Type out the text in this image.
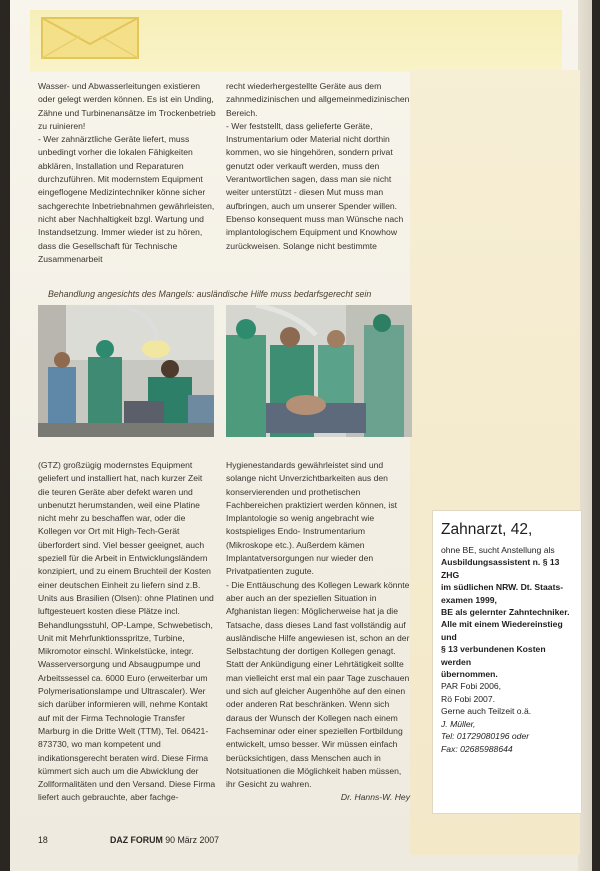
Wasser- und Abwasserleitungen existieren oder gelegt werden können. Es ist ein Unding, Zähne und Turbinenansätze im Trockenbetrieb zu ruinieren!

- Wer zahnärztliche Geräte liefert, muss unbedingt vorher die lokalen Fähigkeiten abklären, Installation und Reparaturen durchzuführen. Mit modernstem Equipment eingeflogene Medizintechniker könne sicher sachgerechte Inbetriebnahmen gewährleisten, nicht aber Nachhaltigkeit bzgl. Wartung und Instandsetzung. Immer wieder ist zu hören, dass die Gesellschaft für Technische Zusammenarbeit

recht wiederhergestellte Geräte aus dem zahnmedizinischen und allgemeinmedizinischen Bereich.

- Wer feststellt, dass gelieferte Geräte, Instrumentarium oder Material nicht dorthin kommen, wo sie hingehören, sondern privat genutzt oder verkauft werden, muss den Verantwortlichen sagen, dass man sie nicht weiter unterstützt - diesen Mut muss man aufbringen, auch um unserer Spender willen. Ebenso konsequent muss man Wünsche nach implantologischem Equipment und Knowhow zurückweisen. Solange nicht bestimmte

Behandlung angesichts des Mangels: ausländische Hilfe muss bedarfsgerecht sein

(GTZ) großzügig modernstes Equipment geliefert und installiert hat, nach kurzer Zeit die teuren Geräte aber defekt waren und unbenutzt herumstanden, weil eine Platine nicht mehr zu beschaffen war, oder die Kollegen vor Ort mit High-Tech-Gerät überfordert sind. Viel besser geeignet, auch speziell für die Arbeit in Entwicklungsländern konzipiert, und zu einem Bruchteil der Kosten einer deutschen Einheit zu liefern sind z.B. Units aus Brasilien (Olsen): ohne Platinen und luftgesteuert kosten diese Plätze incl. Behandlungsstuhl, OP-Lampe, Schwebetisch, Unit mit Mehrfunktionsspritze, Turbine, Mikromotor einschl. Winkelstücke, integr. Wasserversorgung und Absaugpumpe und Arbeitssessel ca. 6000 Euro (erweiterbar um Polymerisationslampe und Ultrascaler). Wer sich darüber informieren will, nehme Kontakt auf mit der Firma Technologie Transfer Marburg in die Dritte Welt (TTM), Tel. 06421-873730, wo man kompetent und indikationsgerecht beraten wird. Diese Firma kümmert sich auch um die Abwicklung der Zollformalitäten und den Versand. Diese Firma liefert auch gebrauchte, aber fachge-

Hygienestandards gewährleistet sind und solange nicht Unverzichtbarkeiten aus den konservierenden und prothetischen Fachbereichen praktiziert werden können, ist Implantologie so wenig angebracht wie kostspieliges Endo- Instrumentarium (Mikroskope etc.). Außerdem kämen Implantatversorgungen nur wieder den Privatpatienten zugute.

- Die Enttäuschung des Kollegen Lewark könnte aber auch an der speziellen Situation in Afghanistan liegen: Möglicherweise hat ja die Tatsache, dass dieses Land fast vollständig auf ausländische Hilfe angewiesen ist, schon an der Selbstachtung der dortigen Kollegen genagt. Statt der Ankündigung einer Lehrtätigkeit sollte man vielleicht erst mal ein paar Tage zuschauen und sich auf gleicher Augenhöhe auf den einen oder anderen Rat beschränken. Wenn sich daraus der Wunsch der Kollegen nach einem Fachseminar oder einer speziellen Fortbildung entwickelt, umso besser. Wir müssen einfach berücksichtigen, dass Menschen auch in Notsituationen die Möglichkeit haben müssen, ihr Gesicht zu wahren.

Dr. Hanns-W. Hey

Zahnarzt, 42,
ohne BE, sucht Anstellung als
Ausbildungsassistent n. § 13 ZHG
im südlichen NRW. Dt. Staats-
examen 1999,
BE als gelernter Zahntechniker.
Alle mit einem Wiedereinstieg und
§ 13 verbundenen Kosten werden
übernommen.
PAR Fobi 2006,
Rö Fobi 2007.
Gerne auch Teilzeit o.ä.
J. Müller,
Tel: 01729080196 oder
Fax: 02685988644
18	DAZ FORUM 90 März 2007
